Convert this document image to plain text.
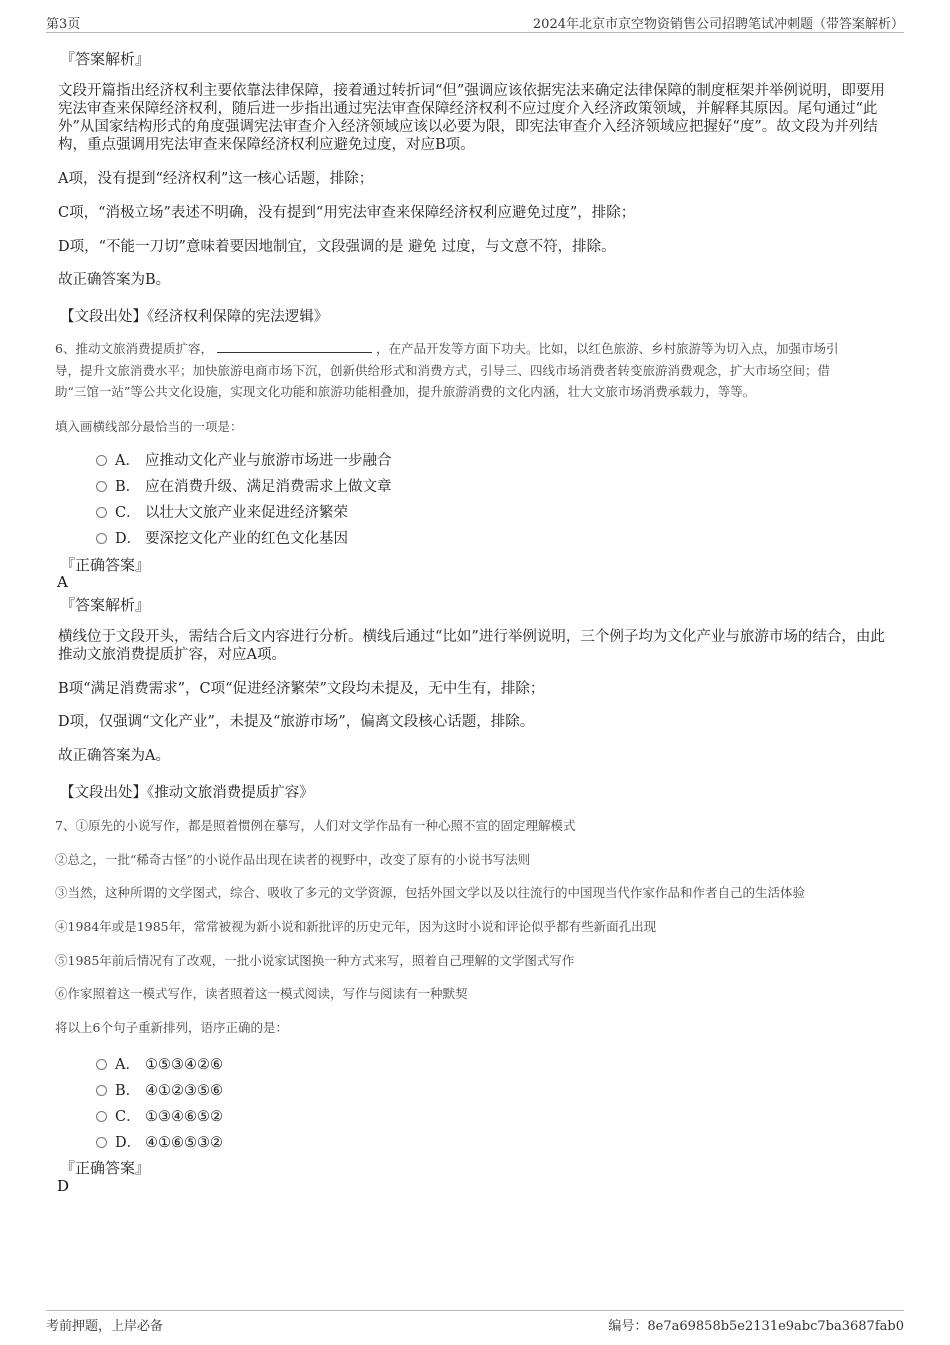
第3页	2024年北京市京空物资销售公司招聘笔试冲刺题（带答案解析）
『答案解析』
文段开篇指出经济权利主要依靠法律保障，接着通过转折词“但”强调应该依据宪法来确定法律保障的制度框架并举例说明，即要用宪法审查来保障经济权利，随后进一步指出通过宪法审查保障经济权利不应过度介入经济政策领域，并解释其原因。尾句通过“此外”从国家结构形式的角度强调宪法审查介入经济领域应该以必要为限，即宪法审查介入经济领域应把握好“度”。故文段为并列结构，重点强调用宪法审查来保障经济权利应避免过度，对应B项。
A项，没有提到“经济权利”这一核心话题，排除；
C项，“消极立场”表述不明确，没有提到“用宪法审查来保障经济权利应避免过度”，排除；
D项，“不能一刀切”意味着要因地制宜，文段强调的是 避免 过度，与文意不符，排除。
故正确答案为B。
【文段出处】《经济权利保障的宪法逻辑》
6、推动文旅消费提质扩容，	，在产品开发等方面下功夫。比如，以红色旅游、乡村旅游等为切入点，加强市场引
导，提升文旅消费水平；加快旅游电商市场下沉，创新供给形式和消费方式，引导三、四线市场消费者转变旅游消费观念，扩大市场空间；借
助“三馆一站”等公共文化设施，实现文化功能和旅游功能相叠加，提升旅游消费的文化内涵，壮大文旅市场消费承载力，等等。
填入画横线部分最恰当的一项是：
A． 应推动文化产业与旅游市场进一步融合
B． 应在消费升级、满足消费需求上做文章
C． 以壮大文旅产业来促进经济繁荣
D． 要深挖文化产业的红色文化基因
『正确答案』
A
『答案解析』
横线位于文段开头，需结合后文内容进行分析。横线后通过“比如”进行举例说明，三个例子均为文化产业与旅游市场的结合，由此推动文旅消费提质扩容，对应A项。
B项“满足消费需求”，C项“促进经济繁荣”文段均未提及，无中生有，排除；
D项，仅强调“文化产业”，未提及“旅游市场”，偏离文段核心话题，排除。
故正确答案为A。
【文段出处】《推动文旅消费提质扩容》
7、①原先的小说写作，都是照着惯例在摹写，人们对文学作品有一种心照不宣的固定理解模式
②总之，一批“稀奇古怪”的小说作品出现在读者的视野中，改变了原有的小说书写法则
③当然，这种所谓的文学图式，综合、吸收了多元的文学资源，包括外国文学以及以往流行的中国现当代作家作品和作者自己的生活体验
④1984年或是1985年，常常被视为新小说和新批评的历史元年，因为这时小说和评论似乎都有些新面孔出现
⑤1985年前后情况有了改观，一批小说家试图换一种方式来写，照着自己理解的文学图式写作
⑥作家照着这一模式写作，读者照着这一模式阅读，写作与阅读有一种默契
将以上6个句子重新排列，语序正确的是：
A． ①⑤③④②⑥
B． ④①②③⑤⑥
C． ①③④⑥⑤②
D． ④①⑥⑤③②
『正确答案』
D
考前押题，上岸必备	编号：8e7a69858b5e2131e9abc7ba3687fab0
